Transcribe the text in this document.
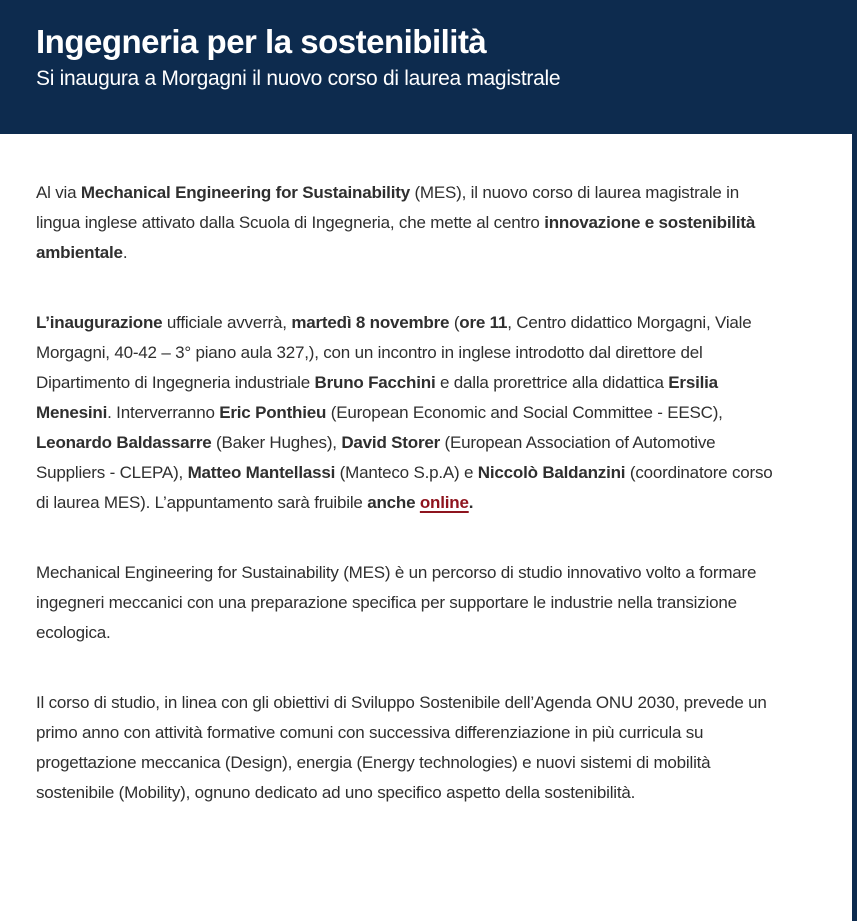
Ingegneria per la sostenibilità

Si inaugura a Morgagni il nuovo corso di laurea magistrale

Al via Mechanical Engineering for Sustainability (MES), il nuovo corso di laurea magistrale in lingua inglese attivato dalla Scuola di Ingegneria, che mette al centro innovazione e sostenibilità ambientale.

L’inaugurazione ufficiale avverrà, martedì 8 novembre (ore 11, Centro didattico Morgagni, Viale Morgagni, 40-42 – 3° piano aula 327,), con un incontro in inglese introdotto dal direttore del Dipartimento di Ingegneria industriale Bruno Facchini e dalla prorettrice alla didattica Ersilia Menesini. Interverranno Eric Ponthieu (European Economic and Social Committee - EESC), Leonardo Baldassarre (Baker Hughes), David Storer (European Association of Automotive Suppliers - CLEPA), Matteo Mantellassi (Manteco S.p.A) e Niccolò Baldanzini (coordinatore corso di laurea MES). L’appuntamento sarà fruibile anche online.

Mechanical Engineering for Sustainability (MES) è un percorso di studio innovativo volto a formare ingegneri meccanici con una preparazione specifica per supportare le industrie nella transizione ecologica.

Il corso di studio, in linea con gli obiettivi di Sviluppo Sostenibile dell’Agenda ONU 2030, prevede un primo anno con attività formative comuni con successiva differenziazione in più curricula su progettazione meccanica (Design), energia (Energy technologies) e nuovi sistemi di mobilità sostenibile (Mobility), ognuno dedicato ad uno specifico aspetto della sostenibilità.
